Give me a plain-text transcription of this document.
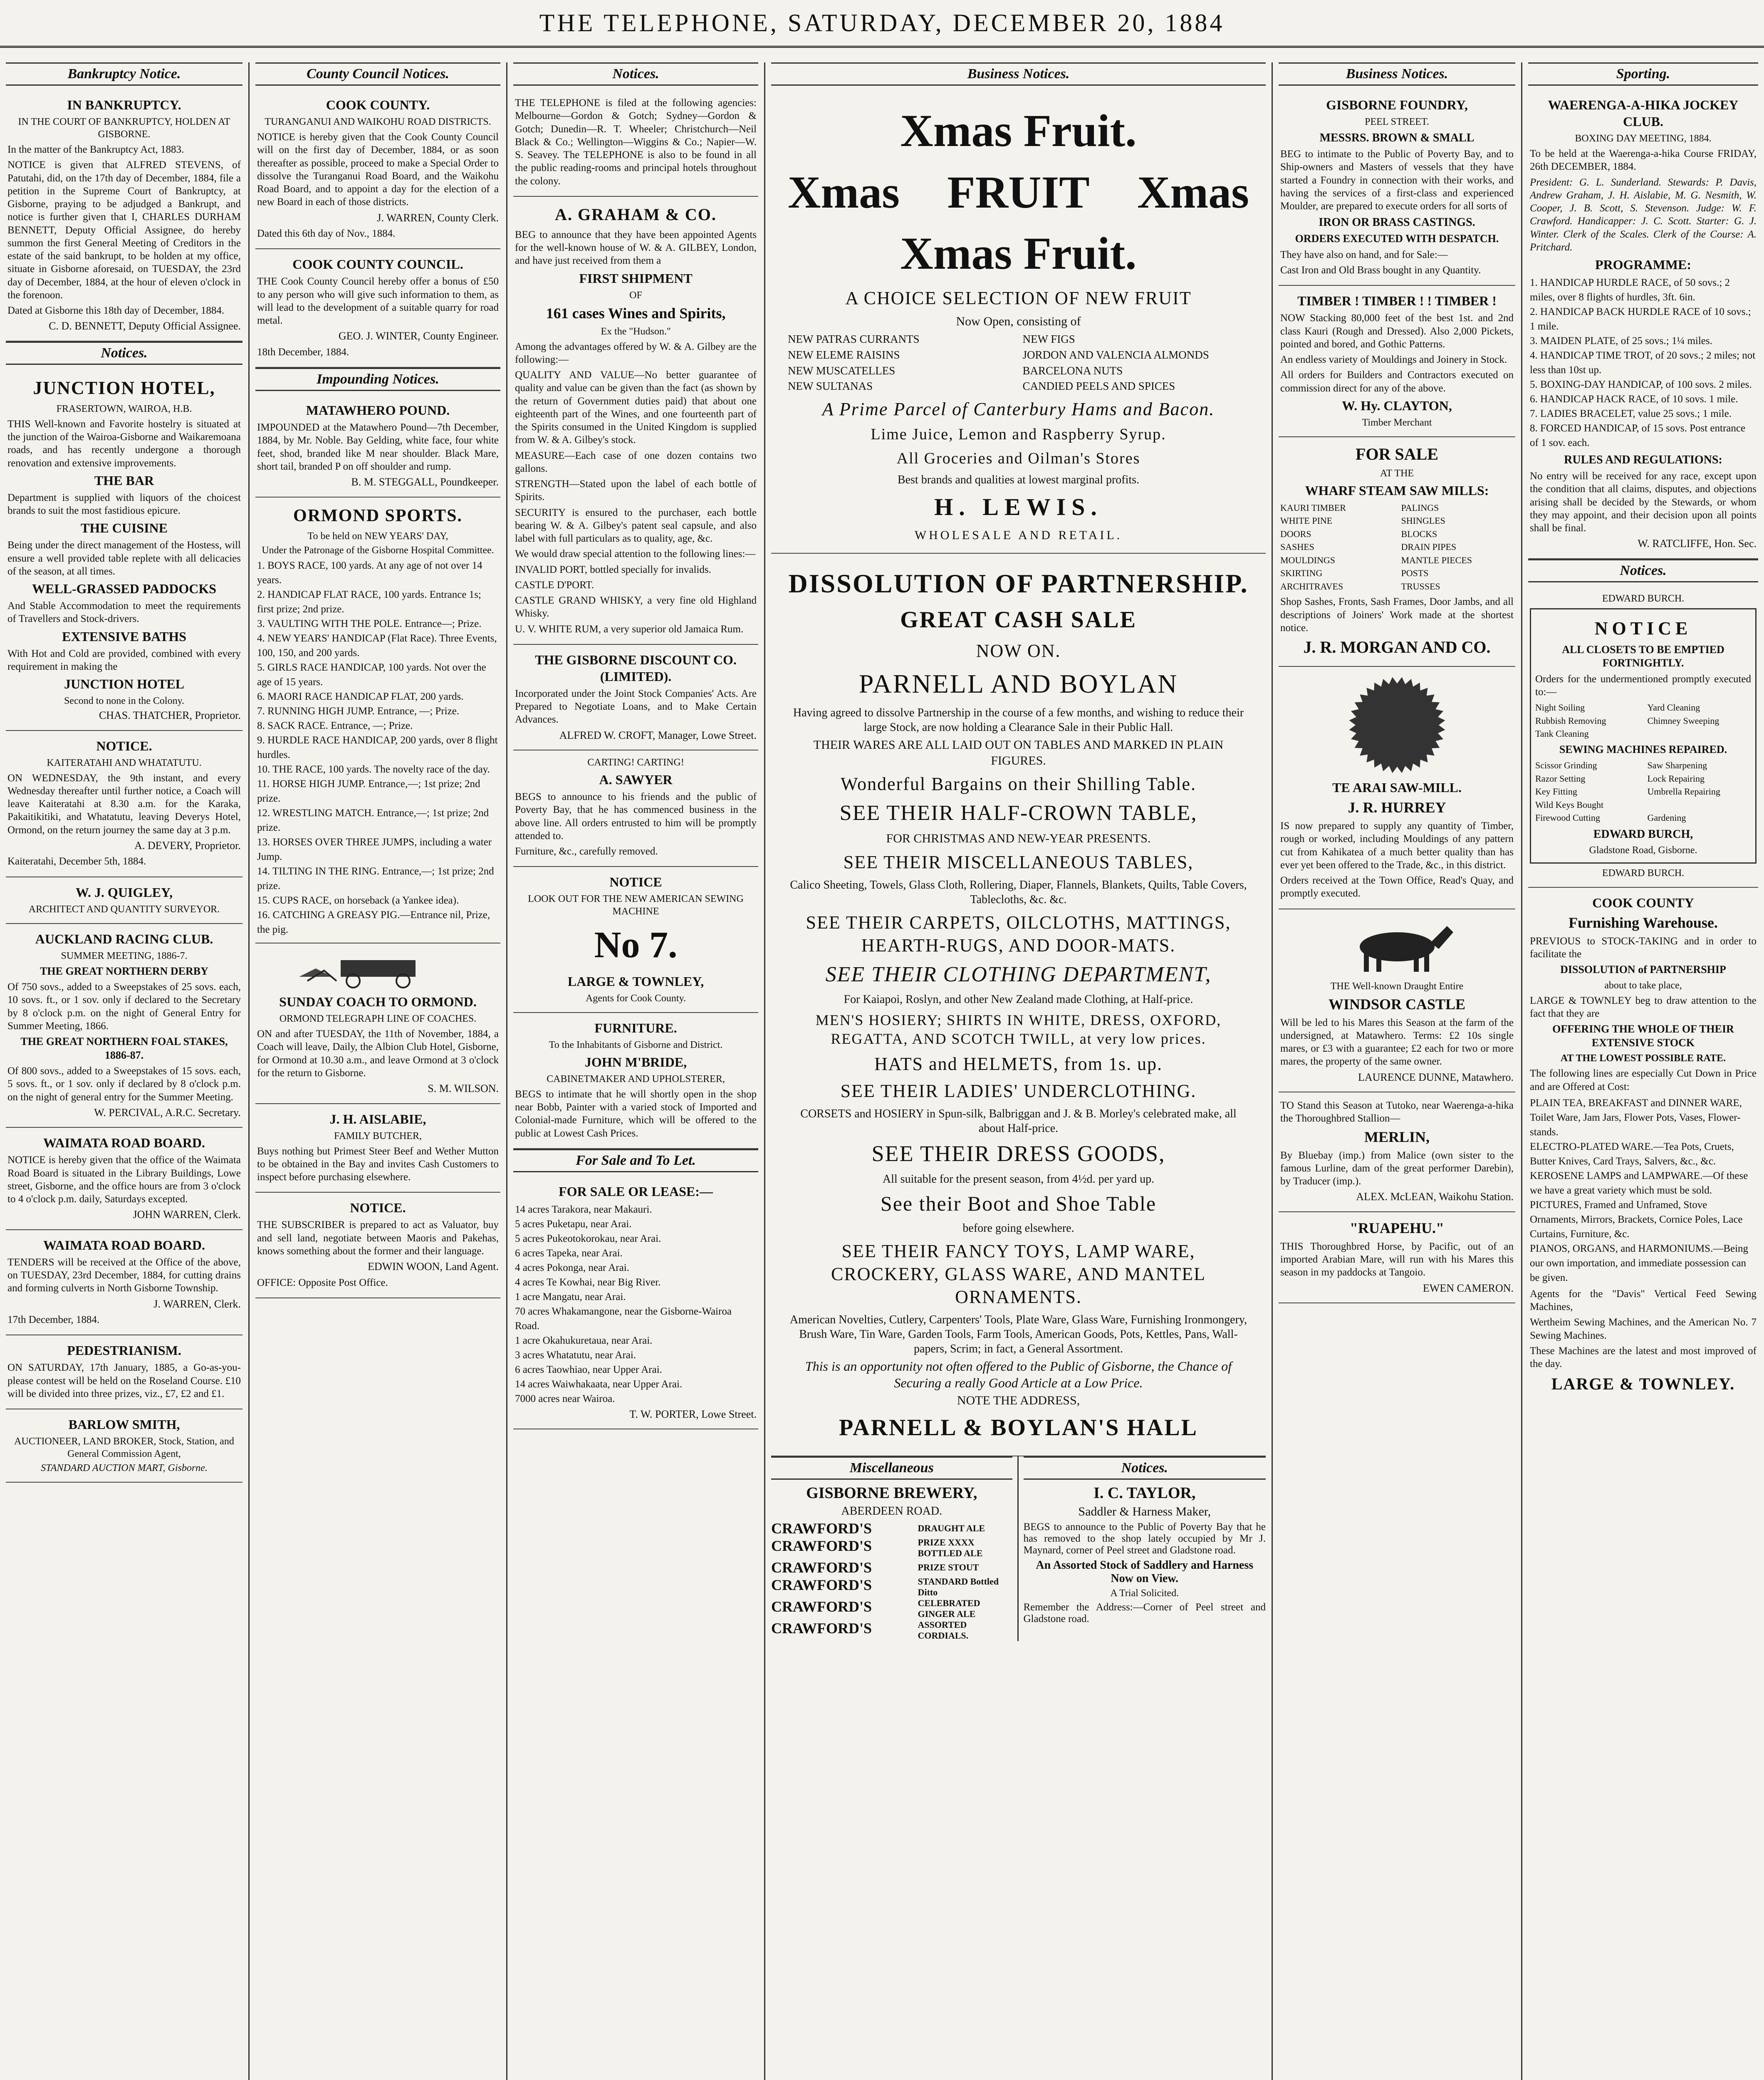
THE TELEPHONE, SATURDAY, DECEMBER 20, 1884
Bankruptcy Notice.
IN BANKRUPTCY.
IN THE COURT OF BANKRUPTCY, HOLDEN AT GISBORNE.
In the matter of the Bankruptcy Act, 1883.
NOTICE is given that ALFRED STEVENS, of Patutahi, did, on the 17th day of December, 1884, file a petition in the Supreme Court of Bankruptcy, at Gisborne, praying to be adjudged a Bankrupt, and notice is further given that I, CHARLES DURHAM BENNETT, Deputy Official Assignee, do hereby summon the first General Meeting of Creditors in the estate of the said bankrupt, to be holden at my office, situate in Gisborne aforesaid, on TUESDAY, the 23rd day of December, 1884, at the hour of eleven o'clock in the forenoon.
Dated at Gisborne this 18th day of December, 1884.
C. D. BENNETT, Deputy Official Assignee.
Notices.
JUNCTION HOTEL,
FRASERTOWN, WAIROA, H.B.
THIS Well-known and Favorite hostelry is situated at the junction of the Wairoa-Gisborne and Waikaremoana roads, and has recently undergone a thorough renovation and extensive improvements.
THE BAR
Department is supplied with liquors of the choicest brands to suit the most fastidious epicure.
THE CUISINE
Being under the direct management of the Hostess, will ensure a well provided table replete with all delicacies of the season, at all times.
WELL-GRASSED PADDOCKS
And Stable Accommodation to meet the requirements of Travellers and Stock-drivers.
EXTENSIVE BATHS
With Hot and Cold are provided, combined with every requirement in making the
JUNCTION HOTEL
Second to none in the Colony.
CHAS. THATCHER, Proprietor.
NOTICE.
KAITERATAHI AND WHATATUTU.
ON WEDNESDAY, the 9th instant, and every Wednesday thereafter until further notice, a Coach will leave Kaiteratahi at 8.30 a.m. for the Karaka, Pakaitikitiki, and Whatatutu, leaving Deverys Hotel, Ormond, on the return journey the same day at 3 p.m.
A. DEVERY, Proprietor.
Kaiteratahi, December 5th, 1884.
W. J. QUIGLEY,
ARCHITECT AND QUANTITY SURVEYOR.
AUCKLAND RACING CLUB.
SUMMER MEETING, 1886-7.
THE GREAT NORTHERN DERBY
Of 750 sovs., added to a Sweepstakes of 25 sovs. each, 10 sovs. ft., or 1 sov. only if declared to the Secretary by 8 o'clock p.m. on the night of General Entry for Summer Meeting, 1866.
THE GREAT NORTHERN FOAL STAKES, 1886-87.
Of 800 sovs., added to a Sweepstakes of 15 sovs. each, 5 sovs. ft., or 1 sov. only if declared by 8 o'clock p.m. on the night of general entry for the Summer Meeting.
W. PERCIVAL, A.R.C. Secretary.
WAIMATA ROAD BOARD.
NOTICE is hereby given that the office of the Waimata Road Board is situated in the Library Buildings, Lowe street, Gisborne, and the office hours are from 3 o'clock to 4 o'clock p.m. daily, Saturdays excepted.
JOHN WARREN, Clerk.
WAIMATA ROAD BOARD.
TENDERS will be received at the Office of the above, on TUESDAY, 23rd December, 1884, for cutting drains and forming culverts in North Gisborne Township.
J. WARREN, Clerk.
17th December, 1884.
PEDESTRIANISM.
ON SATURDAY, 17th January, 1885, a Go-as-you-please contest will be held on the Roseland Course. £10 will be divided into three prizes, viz., £7, £2 and £1.
BARLOW SMITH,
AUCTIONEER, LAND BROKER, Stock, Station, and General Commission Agent,
STANDARD AUCTION MART, Gisborne.
County Council Notices.
COOK COUNTY.
TURANGANUI AND WAIKOHU ROAD DISTRICTS.
NOTICE is hereby given that the Cook County Council will on the first day of December, 1884, or as soon thereafter as possible, proceed to make a Special Order to dissolve the Turanganui Road Board, and the Waikohu Road Board, and to appoint a day for the election of a new Board in each of those districts.
J. WARREN, County Clerk.
Dated this 6th day of Nov., 1884.
COOK COUNTY COUNCIL.
THE Cook County Council hereby offer a bonus of £50 to any person who will give such information to them, as will lead to the development of a suitable quarry for road metal.
GEO. J. WINTER, County Engineer.
18th December, 1884.
Impounding Notices.
MATAWHERO POUND.
IMPOUNDED at the Matawhero Pound—7th December, 1884, by Mr. Noble. Bay Gelding, white face, four white feet, shod, branded like M near shoulder. Black Mare, short tail, branded P on off shoulder and rump.
B. M. STEGGALL, Poundkeeper.
ORMOND SPORTS.
To be held on NEW YEARS' DAY,
Under the Patronage of the Gisborne Hospital Committee.
1. BOYS RACE, 100 yards. At any age of not over 14 years.
2. HANDICAP FLAT RACE, 100 yards. Entrance 1s; first prize; 2nd prize.
3. VAULTING WITH THE POLE. Entrance—; Prize.
4. NEW YEARS' HANDICAP (Flat Race). Three Events, 100, 150, and 200 yards.
5. GIRLS RACE HANDICAP, 100 yards. Not over the age of 15 years.
6. MAORI RACE HANDICAP FLAT, 200 yards.
7. RUNNING HIGH JUMP. Entrance, —; Prize.
8. SACK RACE. Entrance, —; Prize.
9. HURDLE RACE HANDICAP, 200 yards, over 8 flight hurdles.
10. THE RACE, 100 yards. The novelty race of the day.
11. HORSE HIGH JUMP. Entrance,—; 1st prize; 2nd prize.
12. WRESTLING MATCH. Entrance,—; 1st prize; 2nd prize.
13. HORSES OVER THREE JUMPS, including a water Jump.
14. TILTING IN THE RING. Entrance,—; 1st prize; 2nd prize.
15. CUPS RACE, on horseback (a Yankee idea).
16. CATCHING A GREASY PIG.—Entrance nil, Prize, the pig.
SUNDAY COACH TO ORMOND.
ORMOND TELEGRAPH LINE OF COACHES.
ON and after TUESDAY, the 11th of November, 1884, a Coach will leave, Daily, the Albion Club Hotel, Gisborne, for Ormond at 10.30 a.m., and leave Ormond at 3 o'clock for the return to Gisborne.
S. M. WILSON.
J. H. AISLABIE,
FAMILY BUTCHER,
Buys nothing but Primest Steer Beef and Wether Mutton to be obtained in the Bay and invites Cash Customers to inspect before purchasing elsewhere.
NOTICE.
THE SUBSCRIBER is prepared to act as Valuator, buy and sell land, negotiate between Maoris and Pakehas, knows something about the former and their language.
EDWIN WOON, Land Agent.
OFFICE: Opposite Post Office.
Notices.
THE TELEPHONE is filed at the following agencies: Melbourne—Gordon & Gotch; Sydney—Gordon & Gotch; Dunedin—R. T. Wheeler; Christchurch—Neil Black & Co.; Wellington—Wiggins & Co.; Napier—W. S. Seavey. The TELEPHONE is also to be found in all the public reading-rooms and principal hotels throughout the colony.
A. GRAHAM & CO.
BEG to announce that they have been appointed Agents for the well-known house of W. & A. GILBEY, London, and have just received from them a
FIRST SHIPMENT
OF
161 cases Wines and Spirits,
Ex the "Hudson."
Among the advantages offered by W. & A. Gilbey are the following:—
QUALITY AND VALUE—No better guarantee of quality and value can be given than the fact (as shown by the return of Government duties paid) that about one eighteenth part of the Wines, and one fourteenth part of the Spirits consumed in the United Kingdom is supplied from W. & A. Gilbey's stock.
MEASURE—Each case of one dozen contains two gallons.
STRENGTH—Stated upon the label of each bottle of Spirits.
SECURITY is ensured to the purchaser, each bottle bearing W. & A. Gilbey's patent seal capsule, and also label with full particulars as to quality, age, &c.
We would draw special attention to the following lines:—
INVALID PORT, bottled specially for invalids.
CASTLE D'PORT.
CASTLE GRAND WHISKY, a very fine old Highland Whisky.
U. V. WHITE RUM, a very superior old Jamaica Rum.
THE GISBORNE DISCOUNT CO. (LIMITED).
Incorporated under the Joint Stock Companies' Acts. Are Prepared to Negotiate Loans, and to Make Certain Advances.
ALFRED W. CROFT, Manager, Lowe Street.
CARTING! CARTING!
A. SAWYER
BEGS to announce to his friends and the public of Poverty Bay, that he has commenced business in the above line. All orders entrusted to him will be promptly attended to.
Furniture, &c., carefully removed.
NOTICE
LOOK OUT FOR THE NEW AMERICAN SEWING MACHINE
No 7.
LARGE & TOWNLEY,
Agents for Cook County.
FURNITURE.
To the Inhabitants of Gisborne and District.
JOHN M'BRIDE,
CABINETMAKER AND UPHOLSTERER,
BEGS to intimate that he will shortly open in the shop near Bobb, Painter with a varied stock of Imported and Colonial-made Furniture, which will be offered to the public at Lowest Cash Prices.
For Sale and To Let.
FOR SALE OR LEASE:—
14 acres Tarakora, near Makauri.
5 acres Puketapu, near Arai.
5 acres Pukeotokorokau, near Arai.
6 acres Tapeka, near Arai.
4 acres Pokonga, near Arai.
4 acres Te Kowhai, near Big River.
1 acre Mangatu, near Arai.
70 acres Whakamangone, near the Gisborne-Wairoa Road.
1 acre Okahukuretaua, near Arai.
3 acres Whatatutu, near Arai.
6 acres Taowhiao, near Upper Arai.
14 acres Waiwhakaata, near Upper Arai.
7000 acres near Wairoa.
T. W. PORTER, Lowe Street.
Business Notices.
Xmas Fruit.
Xmas FRUIT Xmas
Xmas Fruit.
A CHOICE SELECTION OF NEW FRUIT
Now Open, consisting of
NEW PATRAS CURRANTS	NEW FIGS
NEW ELEME RAISINS	JORDON AND VALENCIA ALMONDS
NEW MUSCATELLES	BARCELONA NUTS
NEW SULTANAS	CANDIED PEELS AND SPICES
A Prime Parcel of Canterbury Hams and Bacon.
Lime Juice, Lemon and Raspberry Syrup.
All Groceries and Oilman's Stores
Best brands and qualities at lowest marginal profits.
H. LEWIS.
WHOLESALE AND RETAIL.
DISSOLUTION OF PARTNERSHIP.
GREAT CASH SALE
NOW ON.
PARNELL AND BOYLAN
Having agreed to dissolve Partnership in the course of a few months, and wishing to reduce their large Stock, are now holding a Clearance Sale in their Public Hall.
THEIR WARES ARE ALL LAID OUT ON TABLES AND MARKED IN PLAIN FIGURES.
Wonderful Bargains on their Shilling Table.
SEE THEIR HALF-CROWN TABLE,
FOR CHRISTMAS AND NEW-YEAR PRESENTS.
SEE THEIR MISCELLANEOUS TABLES,
Calico Sheeting, Towels, Glass Cloth, Rollering, Diaper, Flannels, Blankets, Quilts, Table Covers, Tablecloths, &c. &c.
SEE THEIR CARPETS, OILCLOTHS, MATTINGS, HEARTH-RUGS, AND DOOR-MATS.
SEE THEIR CLOTHING DEPARTMENT,
For Kaiapoi, Roslyn, and other New Zealand made Clothing, at Half-price.
MEN'S HOSIERY; SHIRTS IN WHITE, DRESS, OXFORD, REGATTA, AND SCOTCH TWILL, at very low prices.
HATS and HELMETS, from 1s. up.
SEE THEIR LADIES' UNDERCLOTHING.
CORSETS and HOSIERY in Spun-silk, Balbriggan and J. & B. Morley's celebrated make, all about Half-price.
SEE THEIR DRESS GOODS,
All suitable for the present season, from 4½d. per yard up.
See their Boot and Shoe Table
before going elsewhere.
SEE THEIR FANCY TOYS, LAMP WARE, CROCKERY, GLASS WARE, AND MANTEL ORNAMENTS.
American Novelties, Cutlery, Carpenters' Tools, Plate Ware, Glass Ware, Furnishing Ironmongery, Brush Ware, Tin Ware, Garden Tools, Farm Tools, American Goods, Pots, Kettles, Pans, Wall-papers, Scrim; in fact, a General Assortment.
This is an opportunity not often offered to the Public of Gisborne, the Chance of Securing a really Good Article at a Low Price.
NOTE THE ADDRESS,
PARNELL & BOYLAN'S HALL
Miscellaneous
GISBORNE BREWERY,
ABERDEEN ROAD.
CRAWFORD'S	DRAUGHT ALE
CRAWFORD'S	PRIZE XXXX BOTTLED ALE
CRAWFORD'S	PRIZE STOUT
CRAWFORD'S	STANDARD Bottled Ditto
CRAWFORD'S	CELEBRATED GINGER ALE
CRAWFORD'S	ASSORTED CORDIALS.
Notices.
I. C. TAYLOR,
Saddler & Harness Maker,
BEGS to announce to the Public of Poverty Bay that he has removed to the shop lately occupied by Mr J. Maynard, corner of Peel street and Gladstone road.
An Assorted Stock of Saddlery and Harness Now on View.
A Trial Solicited.
Remember the Address:—Corner of Peel street and Gladstone road.
Business Notices.
GISBORNE FOUNDRY,
PEEL STREET.
MESSRS. BROWN & SMALL
BEG to intimate to the Public of Poverty Bay, and to Ship-owners and Masters of vessels that they have started a Foundry in connection with their works, and having the services of a first-class and experienced Moulder, are prepared to execute orders for all sorts of
IRON OR BRASS CASTINGS.
ORDERS EXECUTED WITH DESPATCH.
They have also on hand, and for Sale:—
Cast Iron and Old Brass bought in any Quantity.
TIMBER ! TIMBER ! ! TIMBER !
NOW Stacking 80,000 feet of the best 1st. and 2nd class Kauri (Rough and Dressed). Also 2,000 Pickets, pointed and bored, and Gothic Patterns.
An endless variety of Mouldings and Joinery in Stock.
All orders for Builders and Contractors executed on commission direct for any of the above.
W. Hy. CLAYTON,
Timber Merchant
FOR SALE
AT THE
WHARF STEAM SAW MILLS:
KAURI TIMBER	PALINGS
WHITE PINE	SHINGLES
DOORS	BLOCKS
SASHES	DRAIN PIPES
MOULDINGS	MANTLE PIECES
SKIRTING	POSTS
ARCHITRAVES	TRUSSES
Shop Sashes, Fronts, Sash Frames, Door Jambs, and all descriptions of Joiners' Work made at the shortest notice.
J. R. MORGAN AND CO.
TE ARAI SAW-MILL.
J. R. HURREY
IS now prepared to supply any quantity of Timber, rough or worked, including Mouldings of any pattern cut from Kahikatea of a much better quality than has ever yet been offered to the Trade, &c., in this district.
Orders received at the Town Office, Read's Quay, and promptly executed.
THE Well-known Draught Entire
WINDSOR CASTLE
Will be led to his Mares this Season at the farm of the undersigned, at Matawhero. Terms: £2 10s single mares, or £3 with a guarantee; £2 each for two or more mares, the property of the same owner.
LAURENCE DUNNE, Matawhero.
TO Stand this Season at Tutoko, near Waerenga-a-hika the Thoroughbred Stallion—
MERLIN,
By Bluebay (imp.) from Malice (own sister to the famous Lurline, dam of the great performer Darebin), by Traducer (imp.).
ALEX. McLEAN, Waikohu Station.
"RUAPEHU."
THIS Thoroughbred Horse, by Pacific, out of an imported Arabian Mare, will run with his Mares this season in my paddocks at Tangoio.
EWEN CAMERON.
Sporting.
WAERENGA-A-HIKA JOCKEY CLUB.
BOXING DAY MEETING, 1884.
To be held at the Waerenga-a-hika Course FRIDAY, 26th DECEMBER, 1884.
President: G. L. Sunderland. Stewards: P. Davis, Andrew Graham, J. H. Aislabie, M. G. Nesmith, W. Cooper, J. B. Scott, S. Stevenson. Judge: W. F. Crawford. Handicapper: J. C. Scott. Starter: G. J. Winter. Clerk of the Scales. Clerk of the Course: A. Pritchard.
PROGRAMME:
1. HANDICAP HURDLE RACE, of 50 sovs.; 2 miles, over 8 flights of hurdles, 3ft. 6in.
2. HANDICAP BACK HURDLE RACE of 10 sovs.; 1 mile.
3. MAIDEN PLATE, of 25 sovs.; 1¼ miles.
4. HANDICAP TIME TROT, of 20 sovs.; 2 miles; not less than 10st up.
5. BOXING-DAY HANDICAP, of 100 sovs. 2 miles.
6. HANDICAP HACK RACE, of 10 sovs. 1 mile.
7. LADIES BRACELET, value 25 sovs.; 1 mile.
8. FORCED HANDICAP, of 15 sovs. Post entrance of 1 sov. each.
RULES AND REGULATIONS:
No entry will be received for any race, except upon the condition that all claims, disputes, and objections arising shall be decided by the Stewards, or whom they may appoint, and their decision upon all points shall be final.
W. RATCLIFFE, Hon. Sec.
Notices.
EDWARD BURCH.
NOTICE
ALL CLOSETS TO BE EMPTIED FORTNIGHTLY.
Orders for the undermentioned promptly executed to:—
Night Soiling	Yard Cleaning
Rubbish Removing	Chimney Sweeping
Tank Cleaning
SEWING MACHINES REPAIRED.
Scissor Grinding	Saw Sharpening
Razor Setting	Lock Repairing
Key Fitting	Umbrella Repairing
Wild Keys Bought
Firewood Cutting	Gardening
EDWARD BURCH,
Gladstone Road, Gisborne.
EDWARD BURCH.
COOK COUNTY
Furnishing Warehouse.
PREVIOUS to STOCK-TAKING and in order to facilitate the
DISSOLUTION of PARTNERSHIP
about to take place,
LARGE & TOWNLEY beg to draw attention to the fact that they are
OFFERING THE WHOLE OF THEIR EXTENSIVE STOCK
AT THE LOWEST POSSIBLE RATE.
The following lines are especially Cut Down in Price and are Offered at Cost:
PLAIN TEA, BREAKFAST and DINNER WARE, Toilet Ware, Jam Jars, Flower Pots, Vases, Flower-stands.
ELECTRO-PLATED WARE.—Tea Pots, Cruets, Butter Knives, Card Trays, Salvers, &c., &c.
KEROSENE LAMPS and LAMPWARE.—Of these we have a great variety which must be sold.
PICTURES, Framed and Unframed, Stove Ornaments, Mirrors, Brackets, Cornice Poles, Lace Curtains, Furniture, &c.
PIANOS, ORGANS, and HARMONIUMS.—Being our own importation, and immediate possession can be given.
Agents for the "Davis" Vertical Feed Sewing Machines,
Wertheim Sewing Machines, and the American No. 7 Sewing Machines.
These Machines are the latest and most improved of the day.
LARGE & TOWNLEY.
